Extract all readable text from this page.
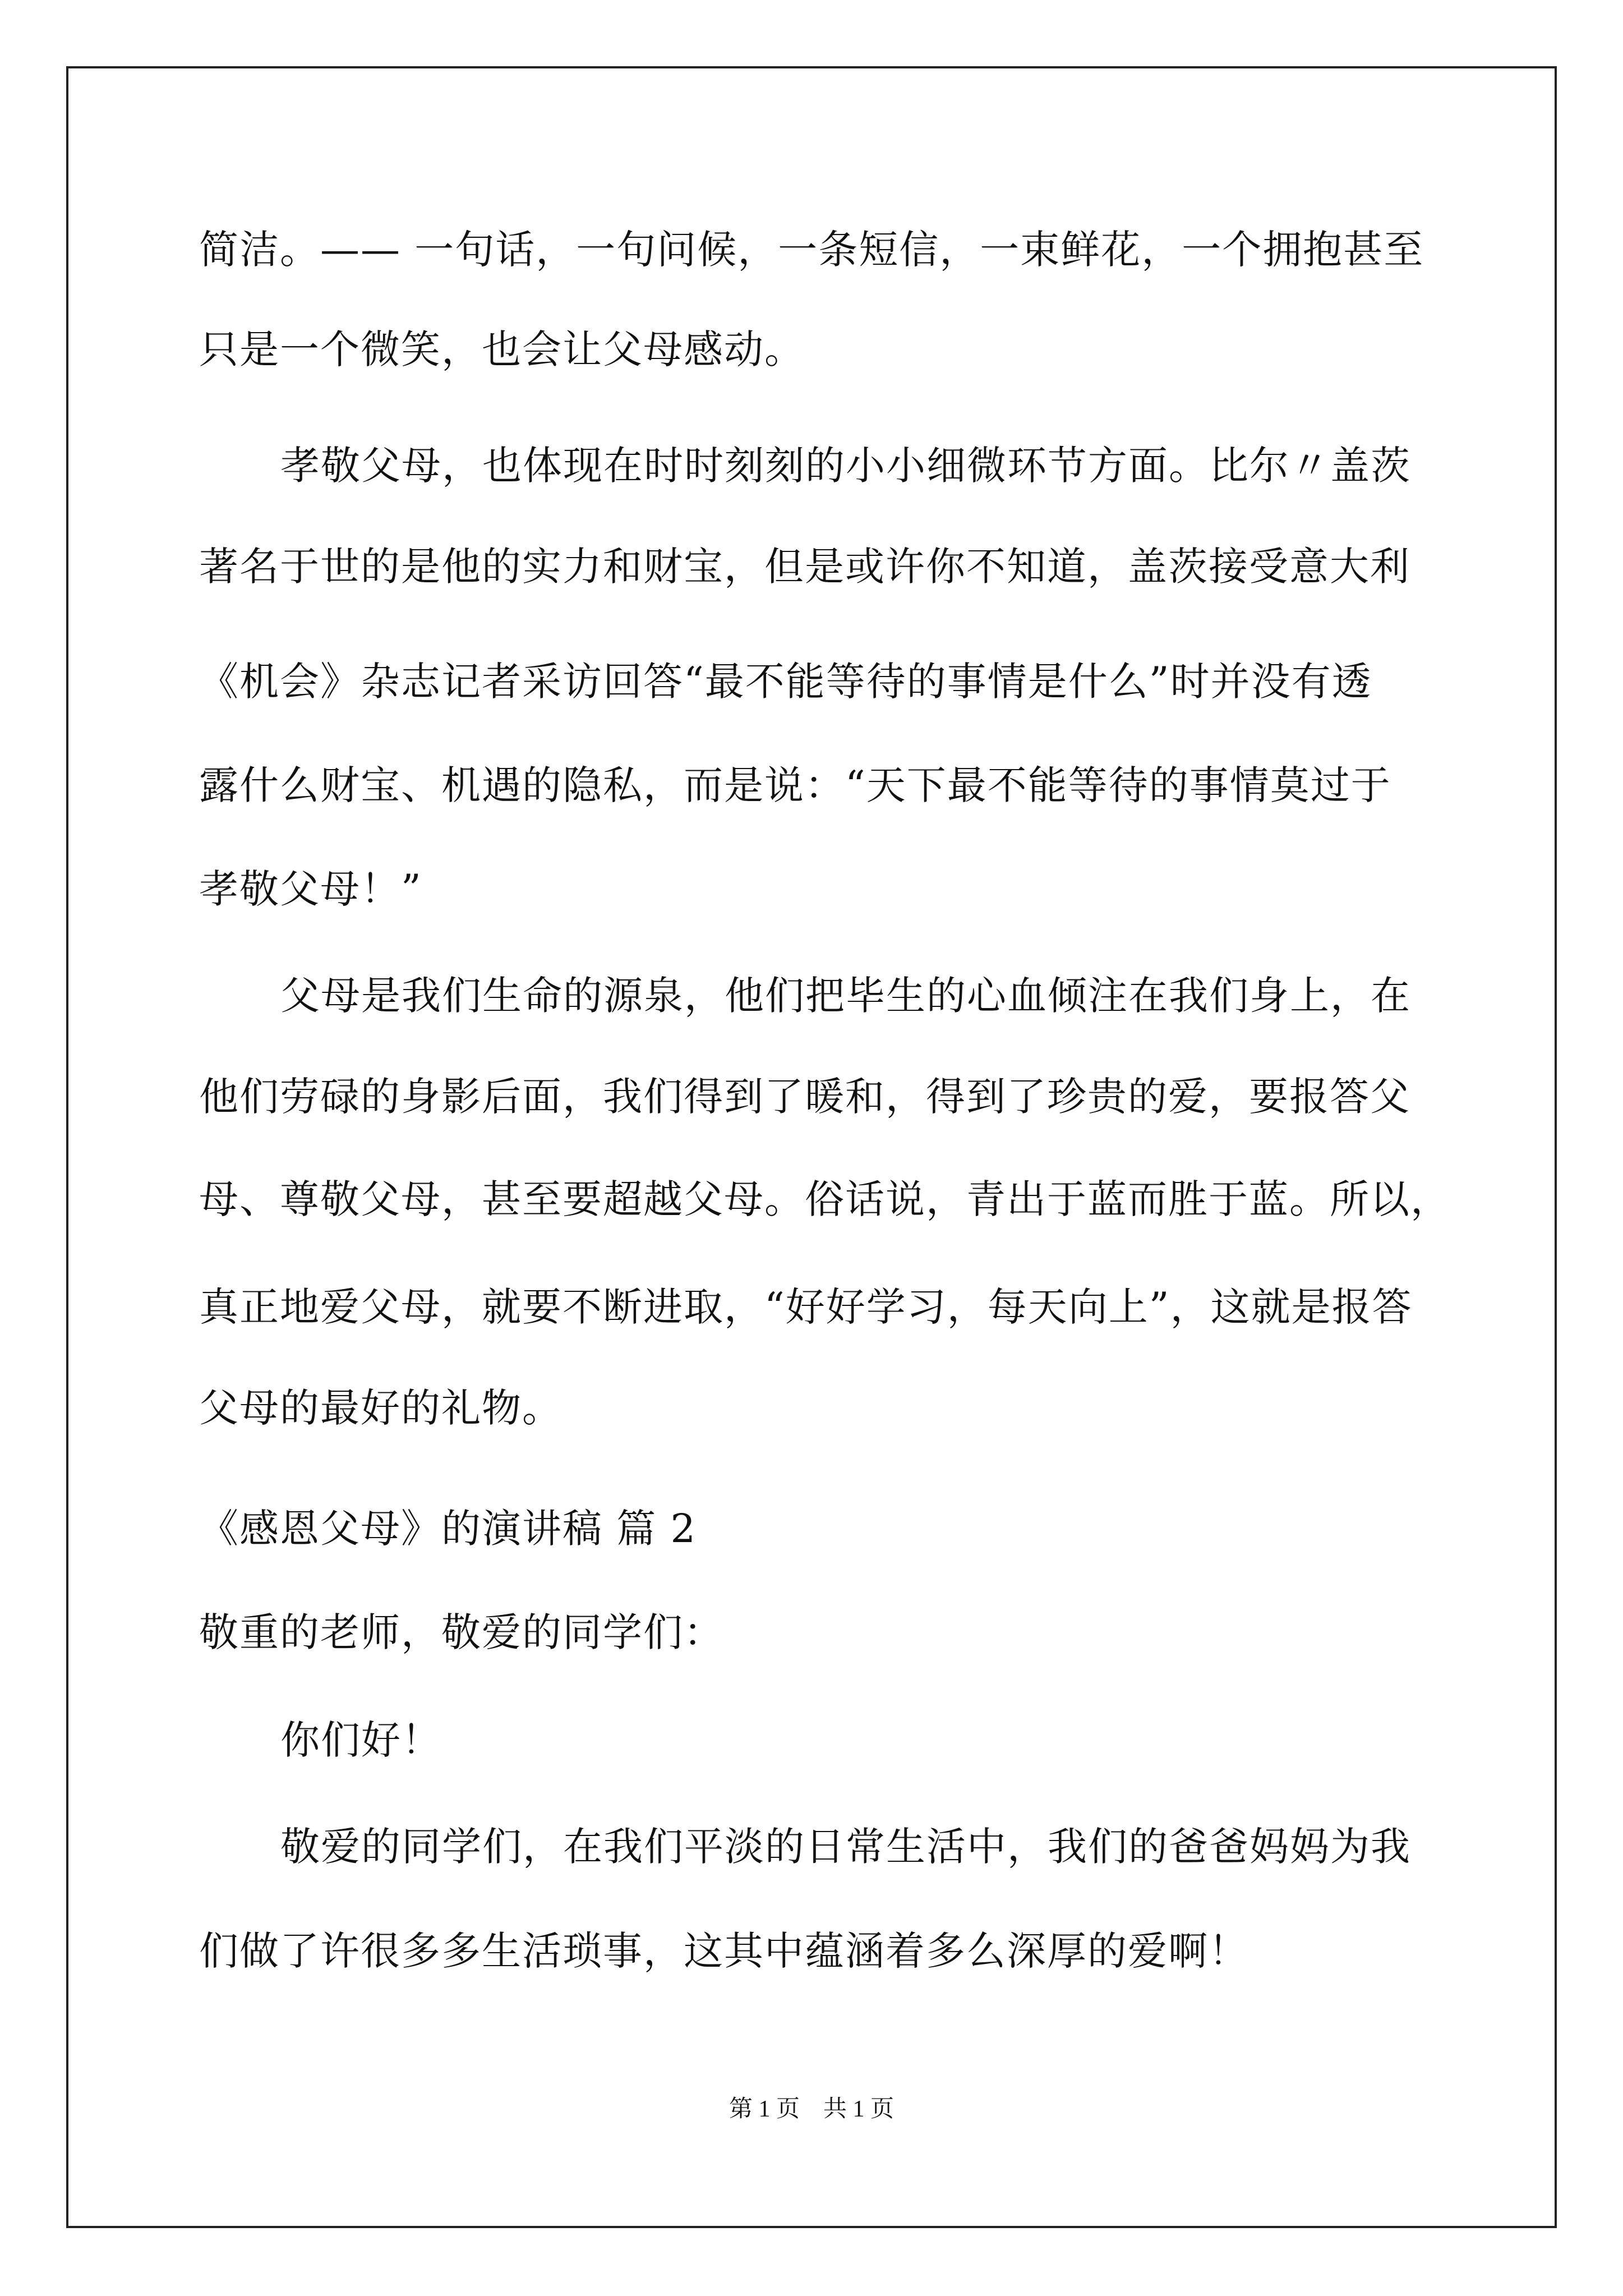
简洁。—— 一句话，一句问候，一条短信，一束鲜花，一个拥抱甚至
只是一个微笑，也会让父母感动。
孝敬父母，也体现在时时刻刻的小小细微环节方面。比尔〃盖茨
著名于世的是他的实力和财宝，但是或许你不知道，盖茨接受意大利
《机会》杂志记者采访回答“最不能等待的事情是什么”时并没有透
露什么财宝、机遇的隐私，而是说：“天下最不能等待的事情莫过于
孝敬父母！”
父母是我们生命的源泉，他们把毕生的心血倾注在我们身上，在
他们劳碌的身影后面，我们得到了暖和，得到了珍贵的爱，要报答父
母、尊敬父母，甚至要超越父母。俗话说，青出于蓝而胜于蓝。所以，
真正地爱父母，就要不断进取，“好好学习，每天向上”，这就是报答
父母的最好的礼物。
《感恩父母》的演讲稿 篇 2
敬重的老师，敬爱的同学们：
你们好！
敬爱的同学们，在我们平淡的日常生活中，我们的爸爸妈妈为我
们做了许很多多生活琐事，这其中蕴涵着多么深厚的爱啊！
第 1 页　共 1 页
